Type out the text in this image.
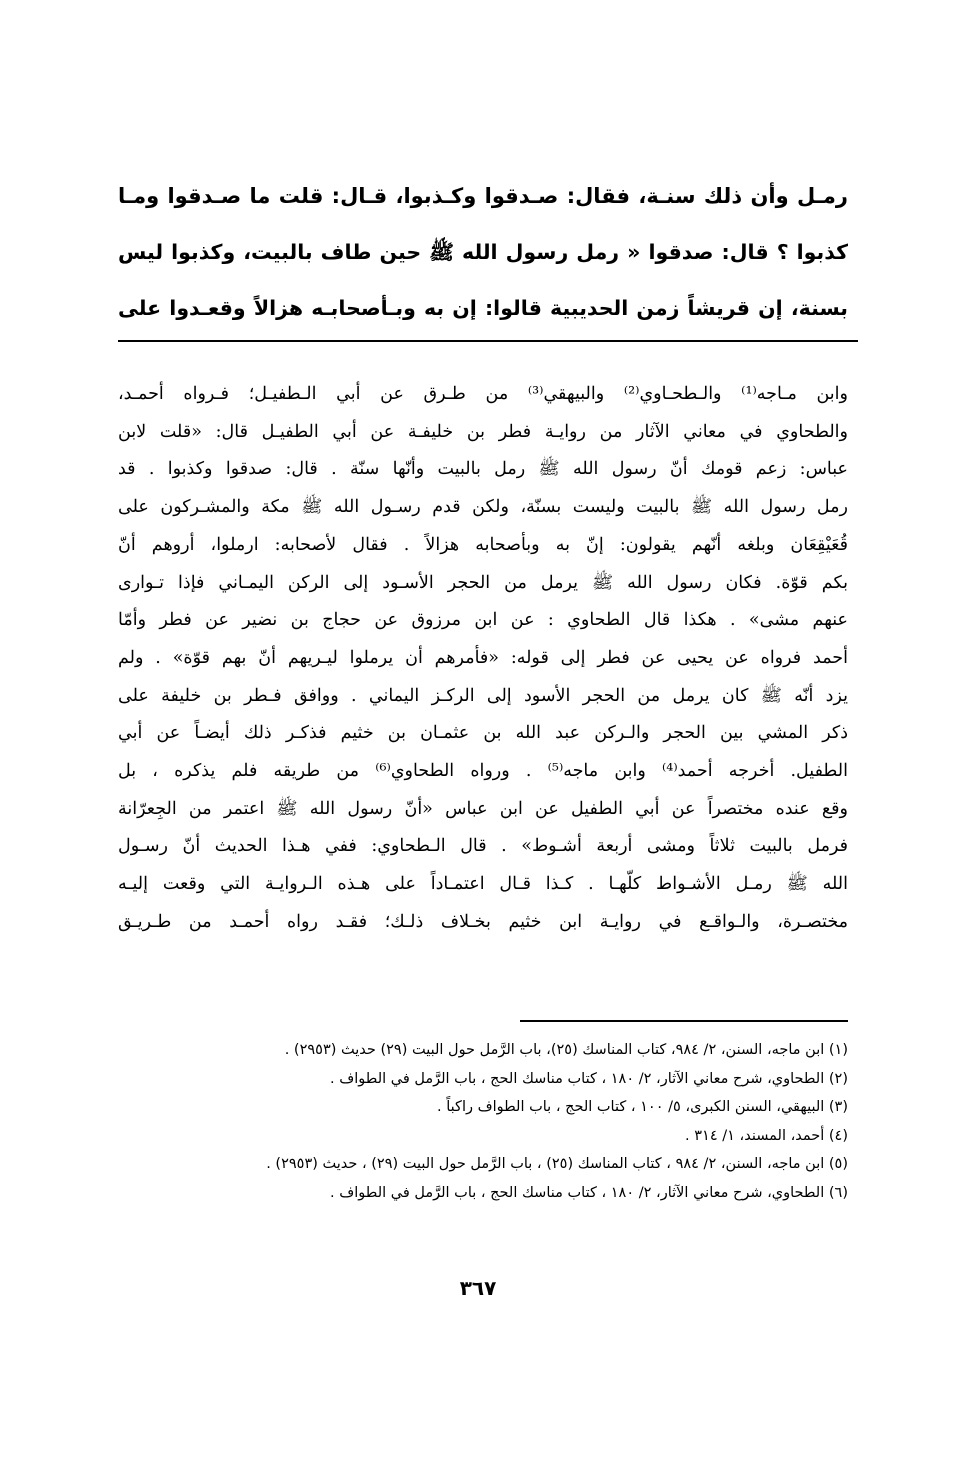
رمـل وأن ذلك سنـة، فقال: صـدقوا وكـذبوا، قـال: قلت ما صـدقوا ومـا
كذبوا ؟ قال: صدقوا « رمل رسول الله ﷺ حين طاف بالبيت، وكذبوا ليس
بسنة، إن قريشاً زمن الحديبية قالوا: إن به وبـأصحابـه هزالاً وقعـدوا على
وابن مـاجه⁽¹⁾ والـطحـاوي⁽²⁾ والبيهقي⁽³⁾ من طـرق عن أبي الـطفيـل؛ فـرواه أحمـد،
والطحاوي في معاني الآثار من روايـة فطر بن خليفـة عن أبي الطفيـل قال: «قلت لابن
عباس: زعم قومك أنّ رسول الله ﷺ رمل بالبيت وأنّها سنّة . قال: صدقوا وكذبوا . قد
رمل رسول الله ﷺ بالبيت وليست بسنّة، ولكن قدم رسـول الله ﷺ مكة والمشـركون على
قُعَيْقِعَان وبلغه أنّهم يقولون: إنّ به وبأصحابه هزالاً . فقال لأصحابه: ارملوا، أروهم أنّ
بكم قوّة. فكان رسول الله ﷺ يرمل من الحجر الأسـود إلى الركن اليمـاني فإذا تـوارى
عنهم مشى» . هكذا قال الطحاوي : عن ابن مرزوق عن حجاج بن نضير عن فطر وأمّا
أحمد فرواه عن يحيى عن فطر إلى قوله: «فأمرهم أن يرملوا ليـريهم أنّ بهم قوّة» . ولم
يزد أنّه ﷺ كان يرمل من الحجر الأسود إلى الركـز اليماني . ووافق فـطر بن خليفة على
ذكر المشي بين الحجر والـركن عبد الله بن عثمـان بن خثيم فذكـر ذلك أيضـاً عن أبي
الطفيل. أخرجه أحمد⁽⁴⁾ وابن ماجه⁽⁵⁾ . ورواه الطحاوي⁽⁶⁾ من طريقه فلم يذكره ، بل
وقع عنده مختصراً عن أبي الطفيل عن ابن عباس «أنّ رسول الله ﷺ اعتمر من الجِعرّانة
فرمل بالبيت ثلاثاً ومشى أربعة أشـوط» . قال الـطحاوي: ففي هـذا الحديث أنّ رسـول
الله ﷺ رمـل الأشـواط كلّهـا . كـذا قـال اعتمـاداً على هـذه الـروايـة التي وقعت إليـه
مختصـرة، والـواقـع في روايـة ابن خثيم بخـلاف ذلـك؛ فقـد رواه أحمـد من طـريـق
(١) ابن ماجه، السنن، ٢/ ٩٨٤، كتاب المناسك (٢٥)، باب الرَّمل حول البيت (٢٩) حديث (٢٩٥٣) .
(٢) الطحاوي، شرح معاني الآثار، ٢/ ١٨٠ ، كتاب مناسك الحج ، باب الرَّمل في الطواف .
(٣) البيهقي، السنن الكبرى، ٥/ ١٠٠ ، كتاب الحج ، باب الطواف راكباً .
(٤) أحمد، المسند، ١/ ٣١٤ .
(٥) ابن ماجه، السنن، ٢/ ٩٨٤ ، كتاب المناسك (٢٥) ، باب الرَّمل حول البيت (٢٩) ، حديث (٢٩٥٣) .
(٦) الطحاوي، شرح معاني الآثار، ٢/ ١٨٠ ، كتاب مناسك الحج ، باب الرَّمل في الطواف .
٣٦٧
